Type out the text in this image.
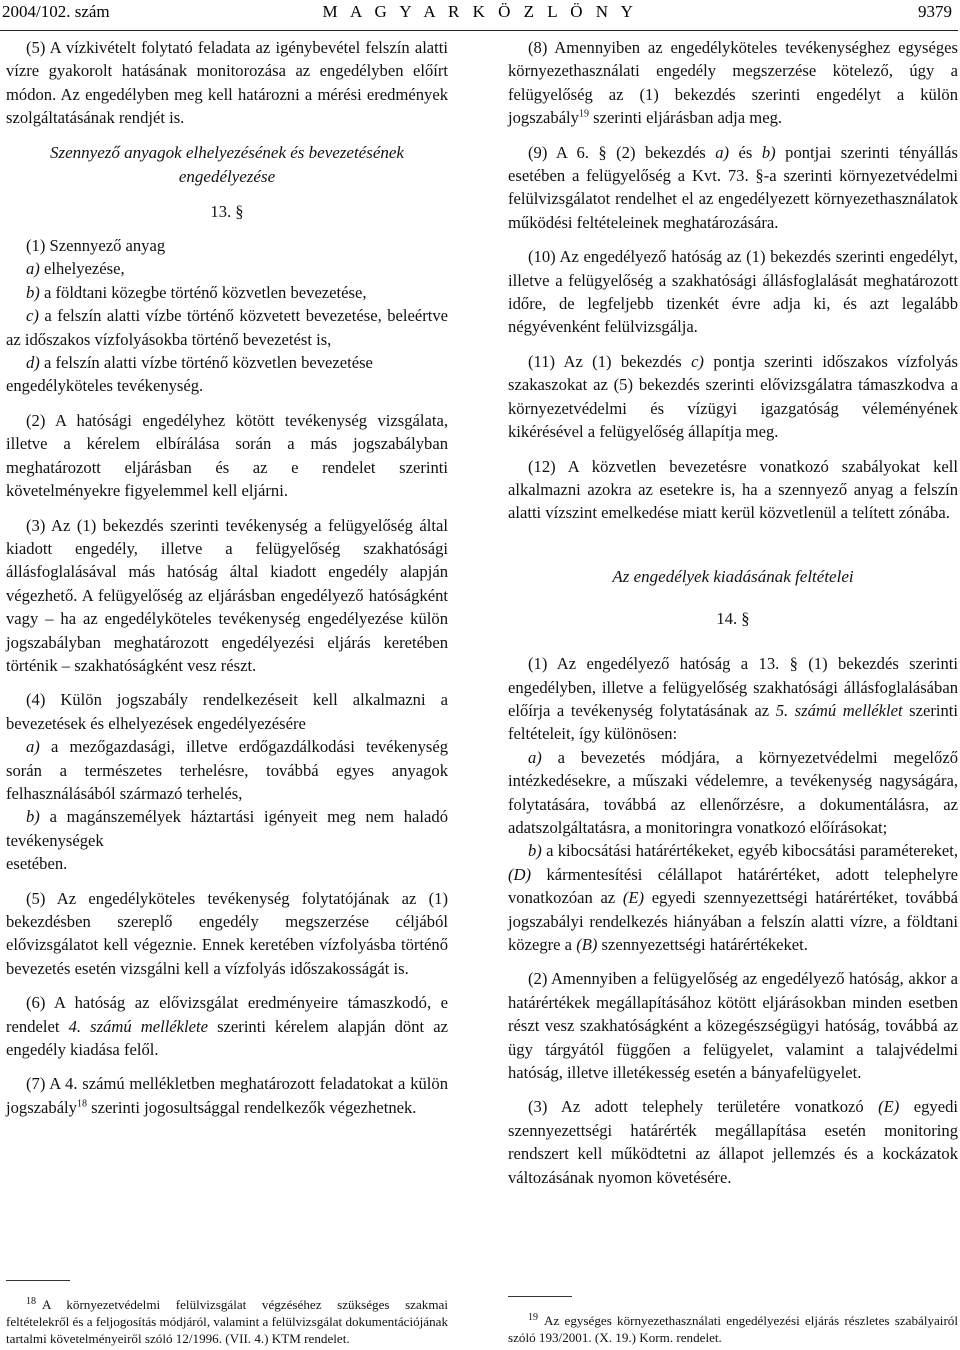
2004/102. szám	M A G Y A R K Ö Z L Ö N Y	9379

(5) A vízkivételt folytató feladata az igénybevétel felszín alatti vízre gyakorolt hatásának monitorozása az engedélyben előírt módon. Az engedélyben meg kell határozni a mérési eredmények szolgáltatásának rendjét is.

Szennyező anyagok elhelyezésének és bevezetésének engedélyezése

13. §

(1) Szennyező anyag

a) elhelyezése,

b) a földtani közegbe történő közvetlen bevezetése,

c) a felszín alatti vízbe történő közvetett bevezetése, beleértve az időszakos vízfolyásokba történő bevezetést is,

d) a felszín alatti vízbe történő közvetlen bevezetése

engedélyköteles tevékenység.

(2) A hatósági engedélyhez kötött tevékenység vizsgálata, illetve a kérelem elbírálása során a más jogszabályban meghatározott eljárásban és az e rendelet szerinti követelményekre figyelemmel kell eljárni.

(3) Az (1) bekezdés szerinti tevékenység a felügyelőség által kiadott engedély, illetve a felügyelőség szakhatósági állásfoglalásával más hatóság által kiadott engedély alapján végezhető. A felügyelőség az eljárásban engedélyező hatóságként vagy – ha az engedélyköteles tevékenység engedélyezése külön jogszabályban meghatározott engedélyezési eljárás keretében történik – szakhatóságként vesz részt.

(4) Külön jogszabály rendelkezéseit kell alkalmazni a bevezetések és elhelyezések engedélyezésére

a) a mezőgazdasági, illetve erdőgazdálkodási tevékenység során a természetes terhelésre, továbbá egyes anyagok felhasználásából származó terhelés,

b) a magánszemélyek háztartási igényeit meg nem haladó tevékenységek

esetében.

(5) Az engedélyköteles tevékenység folytatójának az (1) bekezdésben szereplő engedély megszerzése céljából elővizsgálatot kell végeznie. Ennek keretében vízfolyásba történő bevezetés esetén vizsgálni kell a vízfolyás időszakosságát is.

(6) A hatóság az elővizsgálat eredményeire támaszkodó, e rendelet 4. számú melléklete szerinti kérelem alapján dönt az engedély kiadása felől.

(7) A 4. számú mellékletben meghatározott feladatokat a külön jogszabály$^{18}$ szerinti jogosultsággal rendelkezők végezhetnek.

(8) Amennyiben az engedélyköteles tevékenységhez egységes környezethasználati engedély megszerzése kötelező, úgy a felügyelőség az (1) bekezdés szerinti engedélyt a külön jogszabály$^{19}$ szerinti eljárásban adja meg.

(9) A 6. § (2) bekezdés a) és b) pontjai szerinti tényállás esetében a felügyelőség a Kvt. 73. §-a szerinti környezetvédelmi felülvizsgálatot rendelhet el az engedélyezett környezethasználatok működési feltételeinek meghatározására.

(10) Az engedélyező hatóság az (1) bekezdés szerinti engedélyt, illetve a felügyelőség a szakhatósági állásfoglalását meghatározott időre, de legfeljebb tizenkét évre adja ki, és azt legalább négyévenként felülvizsgálja.

(11) Az (1) bekezdés c) pontja szerinti időszakos vízfolyás szakaszokat az (5) bekezdés szerinti elővizsgálatra támaszkodva a környezetvédelmi és vízügyi igazgatóság véleményének kikérésével a felügyelőség állapítja meg.

(12) A közvetlen bevezetésre vonatkozó szabályokat kell alkalmazni azokra az esetekre is, ha a szennyező anyag a felszín alatti vízszint emelkedése miatt kerül közvetlenül a telített zónába.

Az engedélyek kiadásának feltételei

14. §

(1) Az engedélyező hatóság a 13. § (1) bekezdés szerinti engedélyben, illetve a felügyelőség szakhatósági állásfoglalásában előírja a tevékenység folytatásának az 5. számú melléklet szerinti feltételeit, így különösen:

a) a bevezetés módjára, a környezetvédelmi megelőző intézkedésekre, a műszaki védelemre, a tevékenység nagyságára, folytatására, továbbá az ellenőrzésre, a dokumentálásra, az adatszolgáltatásra, a monitoringra vonatkozó előírásokat;

b) a kibocsátási határértékeket, egyéb kibocsátási paramétereket, (D) kármentesítési célállapot határértéket, adott telephelyre vonatkozóan az (E) egyedi szennyezettségi határértéket, továbbá jogszabályi rendelkezés hiányában a felszín alatti vízre, a földtani közegre a (B) szennyezettségi határértékeket.

(2) Amennyiben a felügyelőség az engedélyező hatóság, akkor a határértékek megállapításához kötött eljárásokban minden esetben részt vesz szakhatóságként a közegészségügyi hatóság, továbbá az ügy tárgyától függően a felügyelet, valamint a talajvédelmi hatóság, illetve illetékesség esetén a bányafelügyelet.

(3) Az adott telephely területére vonatkozó (E) egyedi szennyezettségi határérték megállapítása esetén monitoring rendszert kell működtetni az állapot jellemzés és a kockázatok változásának nyomon követésére.

$^{18}$ A környezetvédelmi felülvizsgálat végzéséhez szükséges szakmai feltételekről és a feljogosítás módjáról, valamint a felülvizsgálat dokumentációjának tartalmi követelményeiről szóló 12/1996. (VII. 4.) KTM rendelet.
$^{19}$ Az egységes környezethasználati engedélyezési eljárás részletes szabályairól szóló 193/2001. (X. 19.) Korm. rendelet.
